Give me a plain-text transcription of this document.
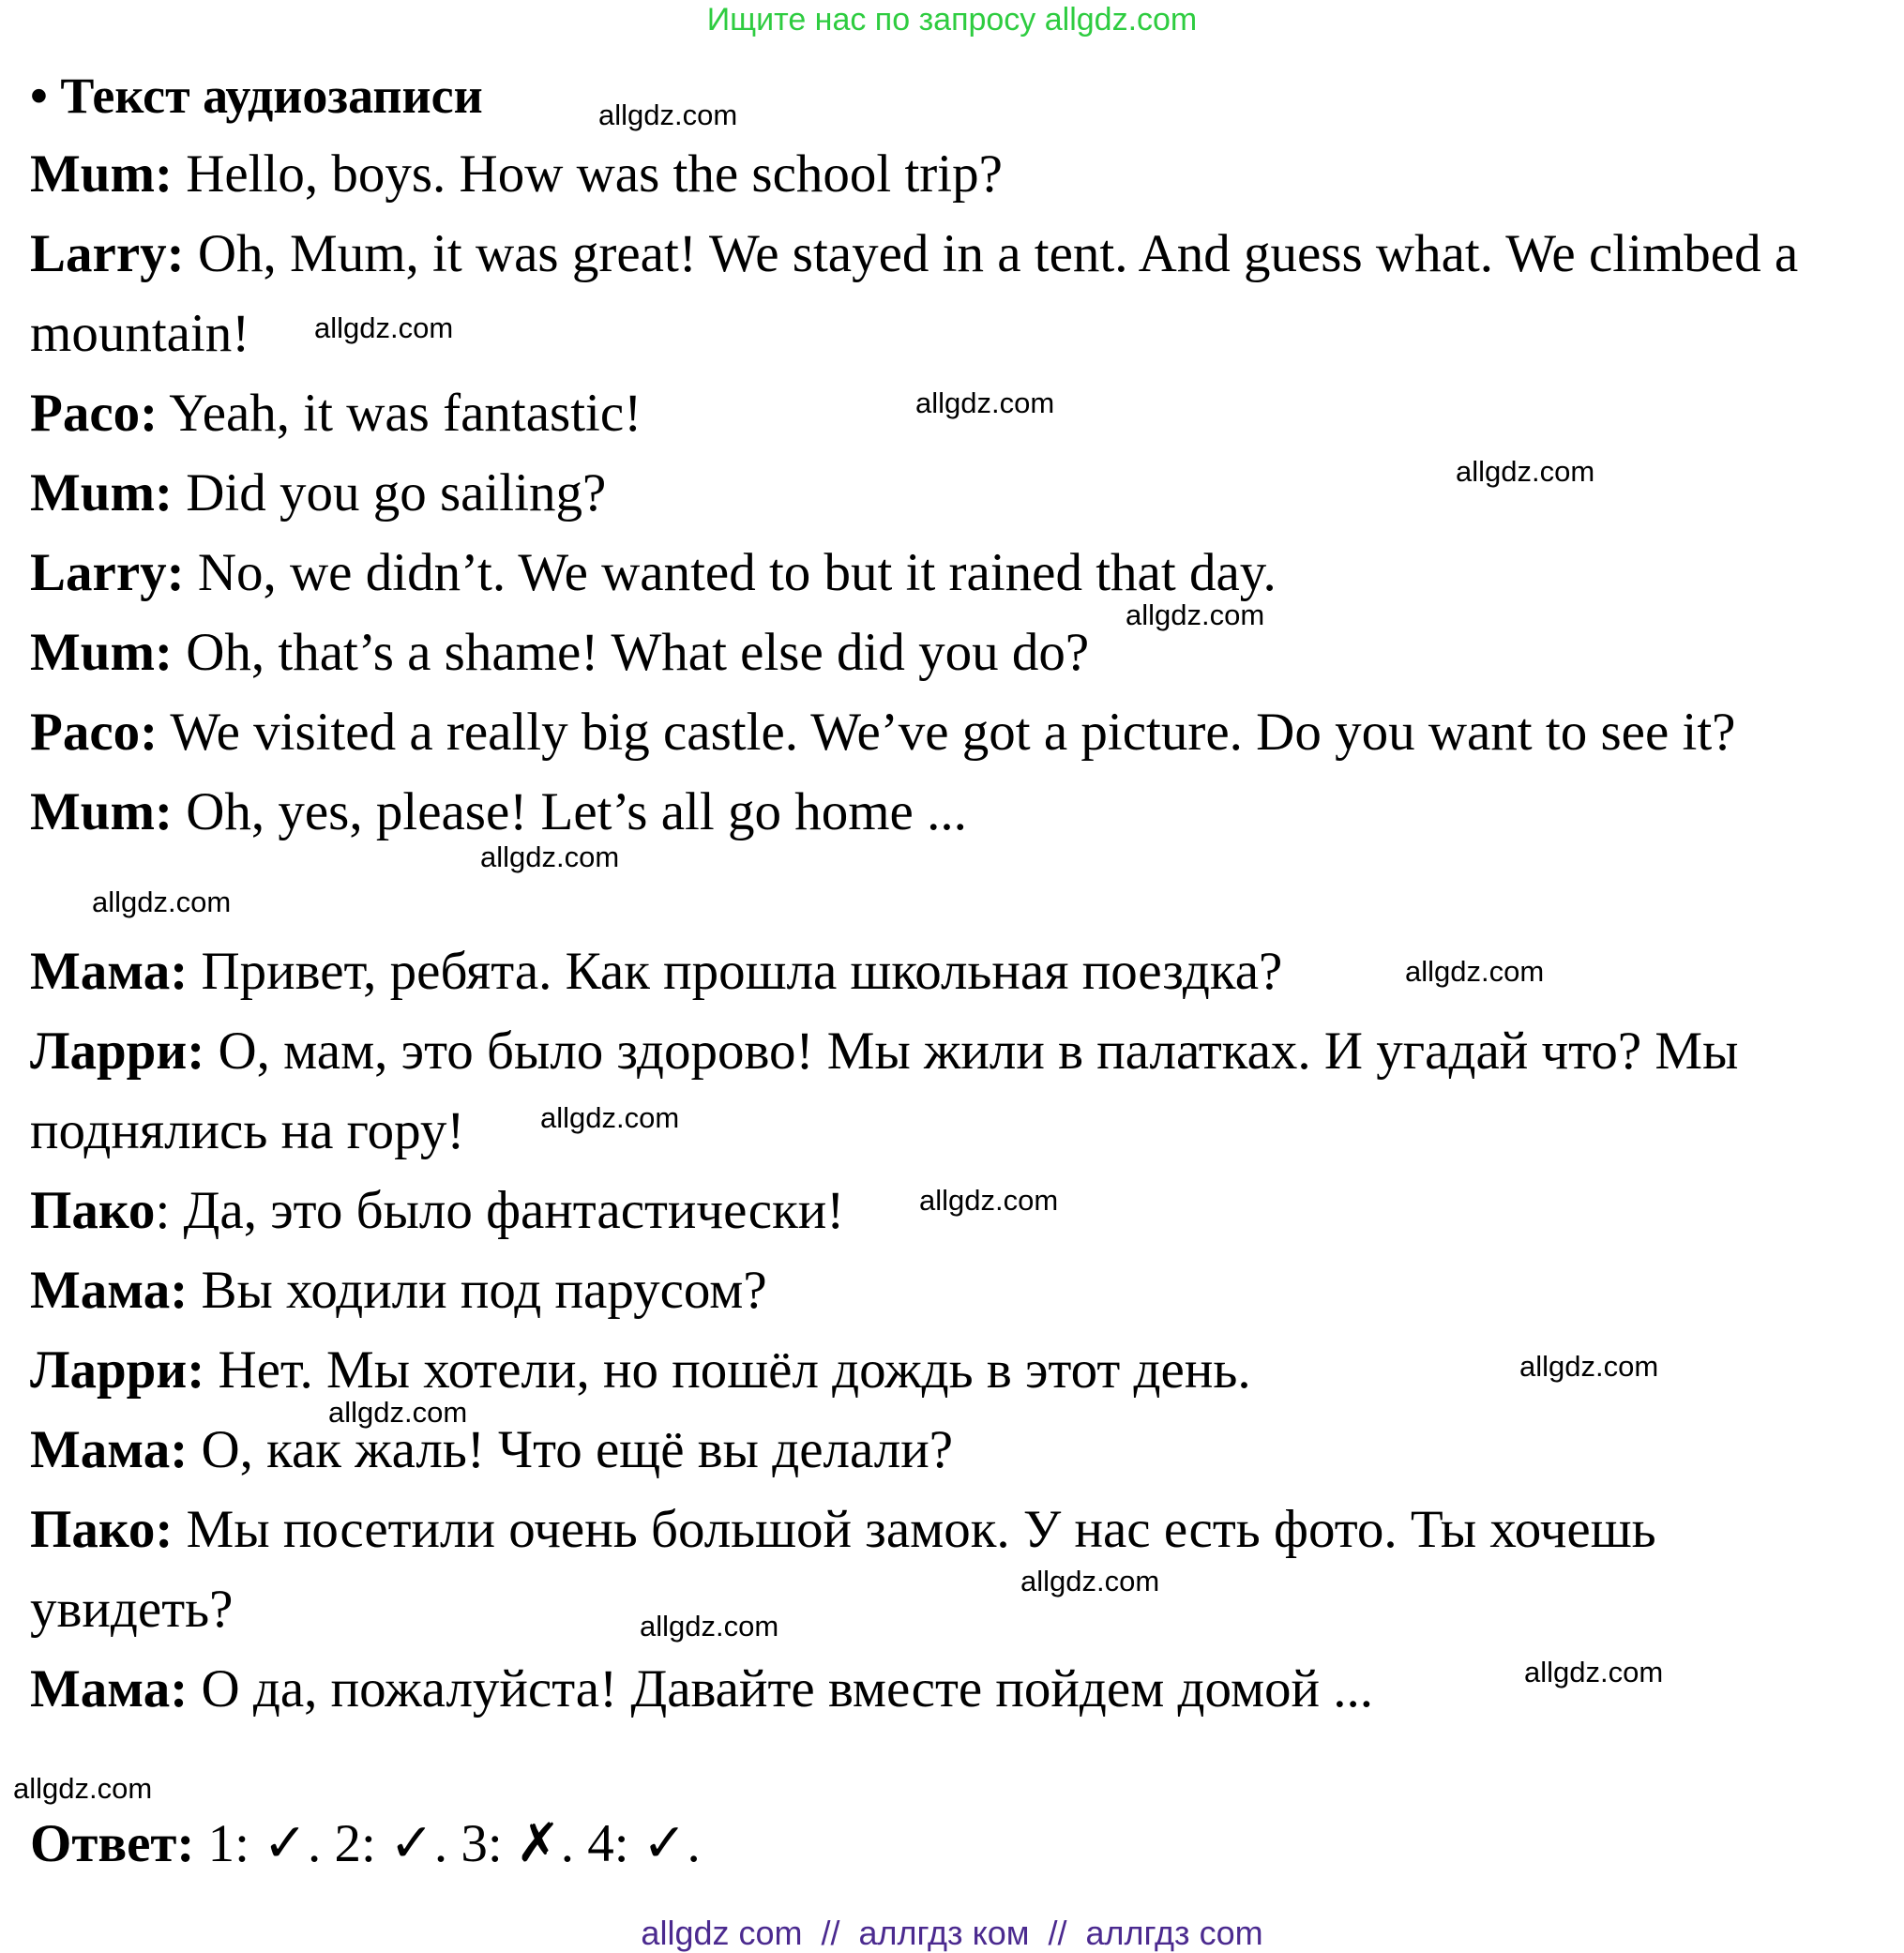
Ищите нас по запросу allgdz.com
• Текст аудиозаписи
Mum: Hello, boys. How was the school trip?
Larry: Oh, Mum, it was great! We stayed in a tent. And guess what. We climbed a
mountain!
Paco: Yeah, it was fantastic!
Mum: Did you go sailing?
Larry: No, we didn’t. We wanted to but it rained that day.
Mum: Oh, that’s a shame! What else did you do?
Paco: We visited a really big castle. We’ve got a picture. Do you want to see it?
Mum: Oh, yes, please! Let’s all go home ...
Мама: Привет, ребята. Как прошла школьная поездка?
Ларри: О, мам, это было здорово! Мы жили в палатках. И угадай что? Мы
поднялись на гору!
Пако: Да, это было фантастически!
Мама: Вы ходили под парусом?
Ларри: Нет. Мы хотели, но пошёл дождь в этот день.
Мама: О, как жаль! Что ещё вы делали?
Пако: Мы посетили очень большой замок. У нас есть фото. Ты хочешь
увидеть?
Мама: О да, пожалуйста! Давайте вместе пойдем домой ...
Ответ: 1: ✓. 2: ✓. 3: ✗. 4: ✓.
allgdz.com
allgdz.com
allgdz.com
allgdz.com
allgdz.com
allgdz.com
allgdz.com
allgdz.com
allgdz.com
allgdz.com
allgdz.com
allgdz.com
allgdz.com
allgdz.com
allgdz.com
allgdz.com
allgdz com  //  аллгдз ком  //  аллгдз com
